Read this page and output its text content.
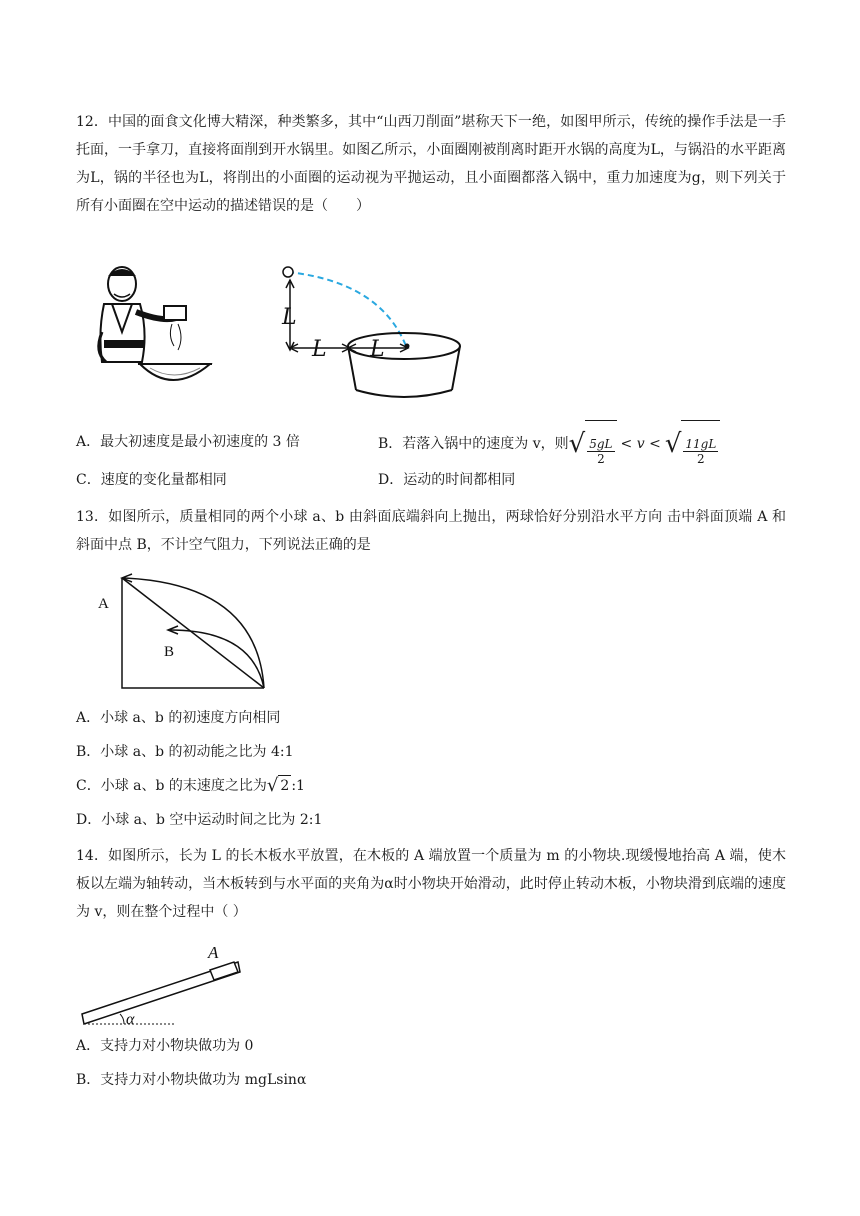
12．中国的面食文化博大精深，种类繁多，其中“山西刀削面”堪称天下一绝，如图甲所示，传统的操作手法是一手托面，一手拿刀，直接将面削到开水锅里。如图乙所示，小面圈刚被削离时距开水锅的高度为L，与锅沿的水平距离为L，锅的半径也为L，将削出的小面圈的运动视为平抛运动，且小面圈都落入锅中，重力加速度为g，则下列关于所有小面圈在空中运动的描述错误的是（　　）
L
L L
A．最大初速度是最小初速度的 3 倍	B．若落入锅中的速度为 v，则 √ $\frac{5gL}{2} < v$ < √ $\frac{11gL}{2}$
C．速度的变化量都相同	D．运动的时间都相同
13．如图所示，质量相同的两个小球 a、b 由斜面底端斜向上抛出，两球恰好分别沿水平方向 击中斜面顶端 A 和斜面中点 B，不计空气阻力，下列说法正确的是
A
B
A．小球 a、b 的初速度方向相同
B．小球 a、b 的初动能之比为 4:1
C．小球 a、b 的末速度之比为 √ 2 :1
D．小球 a、b 空中运动时间之比为 2:1
14．如图所示，长为 L 的长木板水平放置，在木板的 A 端放置一个质量为 m 的小物块.现缓慢地抬高 A 端，使木板以左端为轴转动，当木板转到与水平面的夹角为α时小物块开始滑动，此时停止转动木板，小物块滑到底端的速度为 v，则在整个过程中（ ）
A
α
A．支持力对小物块做功为 0
B．支持力对小物块做功为 mgLsinα
